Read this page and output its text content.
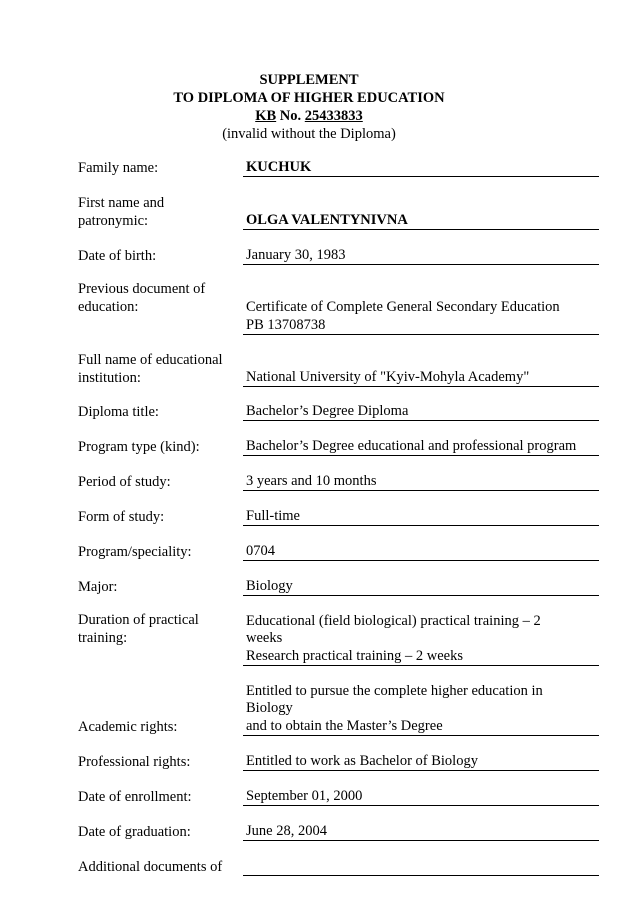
SUPPLEMENT
TO DIPLOMA OF HIGHER EDUCATION
KB No. 25433833
(invalid without the Diploma)
Family name:	KUCHUK
First name and
patronymic:	OLGA VALENTYNIVNA
Date of birth:	January 30, 1983
Previous document of
education:	Certificate of Complete General Secondary Education
PB 13708738
Full name of educational
institution:	National University of "Kyiv-Mohyla Academy"
Diploma title:	Bachelor’s Degree Diploma
Program type (kind):	Bachelor’s Degree educational and professional program
Period of study:	3 years and 10 months
Form of study:	Full-time
Program/speciality:	0704
Major:	Biology
Duration of practical
training:
Educational (field biological) practical training – 2
weeks
Research practical training – 2 weeks
Academic rights:
Entitled to pursue the complete higher education in
Biology
and to obtain the Master’s Degree
Professional rights:	Entitled to work as Bachelor of Biology
Date of enrollment:	September 01, 2000
Date of graduation:	June 28, 2004
Additional documents of
